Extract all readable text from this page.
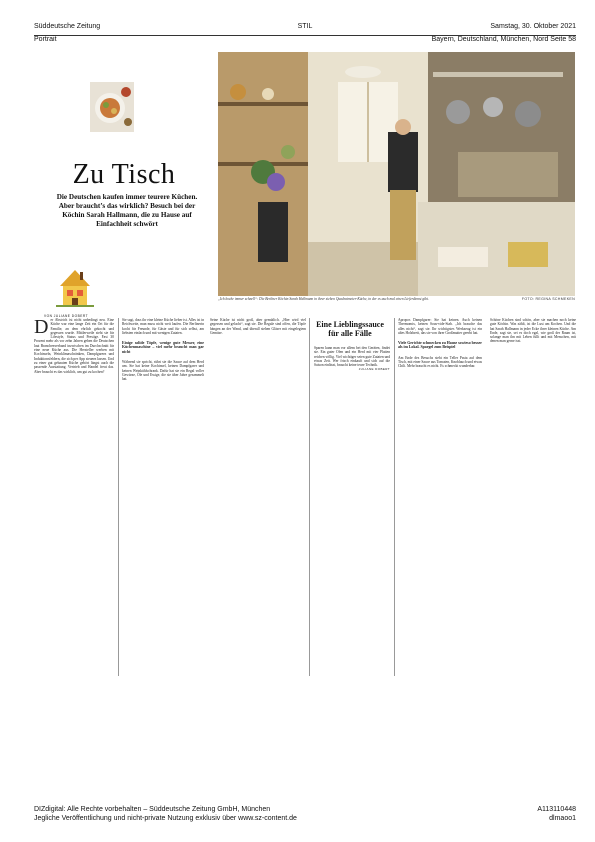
Süddeutsche Zeitung	STIL	Samstag, 30. Oktober 2021
Portrait	Bayern, Deutschland, München, Nord Seite 58
Zu Tisch
Die Deutschen kaufen immer teurere Küchen. Aber braucht’s das wirklich? Besuch bei der Köchin Sarah Hallmann, die zu Hause auf Einfachheit schwört
VON JULIANE DOBERT
„Ich koche immer schnell“: Die Berliner Köchin Sarah Hallmann in ihrer sieben Quadratmeter-Küche, in der es auch mal einen Lieferdienst gibt.	FOTO: REGINA SCHMEKEN
D er Abstrich ist nicht unbedingt neu. Eine Küche war eine lange Zeit ein Ort für die Familie, an dem ehrlich gekocht und gegessen wurde. Mittlerweile steht sie für Lifestyle, Status und Prestige. Fast 30 Prozent mehr als vor zehn Jahren geben die Deutschen laut Branchenverband inzwischen im Durchschnitt für eine neue Küche aus. Die Hersteller werben mit Kochinseln, Weinklimaschränken, Dampfgarern und Induktionsfeldern, die sich per App steuern lassen. Und zu einer gut gebauten Küche gehört längst auch die passende Ausstattung. Vertrieb und Handel freut das. Aber braucht es das wirklich, um gut zu kochen?
Sie sagt, dass ihr eine kleine Küche lieber ist. Alles ist in Reichweite, man muss nicht weit laufen. Die Berlinerin kocht für Freunde, für Gäste und für sich selbst, am liebsten einfach und mit wenigen Zutaten.
Einige solide Töpfe, wenige gute Messer, eine Küchenmaschine – viel mehr braucht man gar nicht
Während sie spricht, rührt sie die Sauce auf dem Herd um. Sie hat keine Kochinsel, keinen Dampfgarer und keinen Weinkühlschrank. Dafür hat sie ein Regal voller Gewürze, Öle und Essige, die sie über Jahre gesammelt hat.
Seine Küche ist nicht groß, aber gemütlich. „Hier wird viel gegessen und gelacht“, sagt sie. Die Regale sind offen, die Töpfe hängen an der Wand, und überall stehen Gläser mit eingelegtem Gemüse.
Eine Lieblingssauce für alle Fälle
Sparen kann man vor allem bei den Geräten, findet sie. Ein guter Ofen und ein Herd mit vier Platten reichen völlig. Viel wichtiger seien gute Zutaten und etwas Zeit. Wer frisch einkauft und sich auf die Saison einlässt, braucht keine teure Technik.
JULIANE DOBERT
Apropos Dampfgarer: Sie hat keinen. Auch keinen Thermomix, keinen Sous-vide-Stab. „Ich brauche das alles nicht“, sagt sie. Ihr wichtigstes Werkzeug ist ein altes Holzbrett, das sie von ihrer Großmutter geerbt hat.
Viele Gerichte schmecken zu Hause sowieso besser als im Lokal. Spargel zum Beispiel
Am Ende des Besuchs steht ein Teller Pasta auf dem Tisch, mit einer Sauce aus Tomaten, Knoblauch und etwas Chili. Mehr braucht es nicht. Es schmeckt wunderbar.
Schöne Küchen sind schön, aber sie machen noch keine gute Köchin. Was zählt, ist die Lust am Kochen. Und die hat Sarah Hallmann in jeder Ecke ihrer kleinen Küche. Am Ende, sagt sie, sei es doch egal, wie groß der Raum ist, solange man ihn mit Leben füllt und mit Menschen, mit denen man gerne isst.
DIZdigital: Alle Rechte vorbehalten – Süddeutsche Zeitung GmbH, München	A113110448
Jegliche Veröffentlichung und nicht-private Nutzung exklusiv über www.sz-content.de	dlmaoo1
